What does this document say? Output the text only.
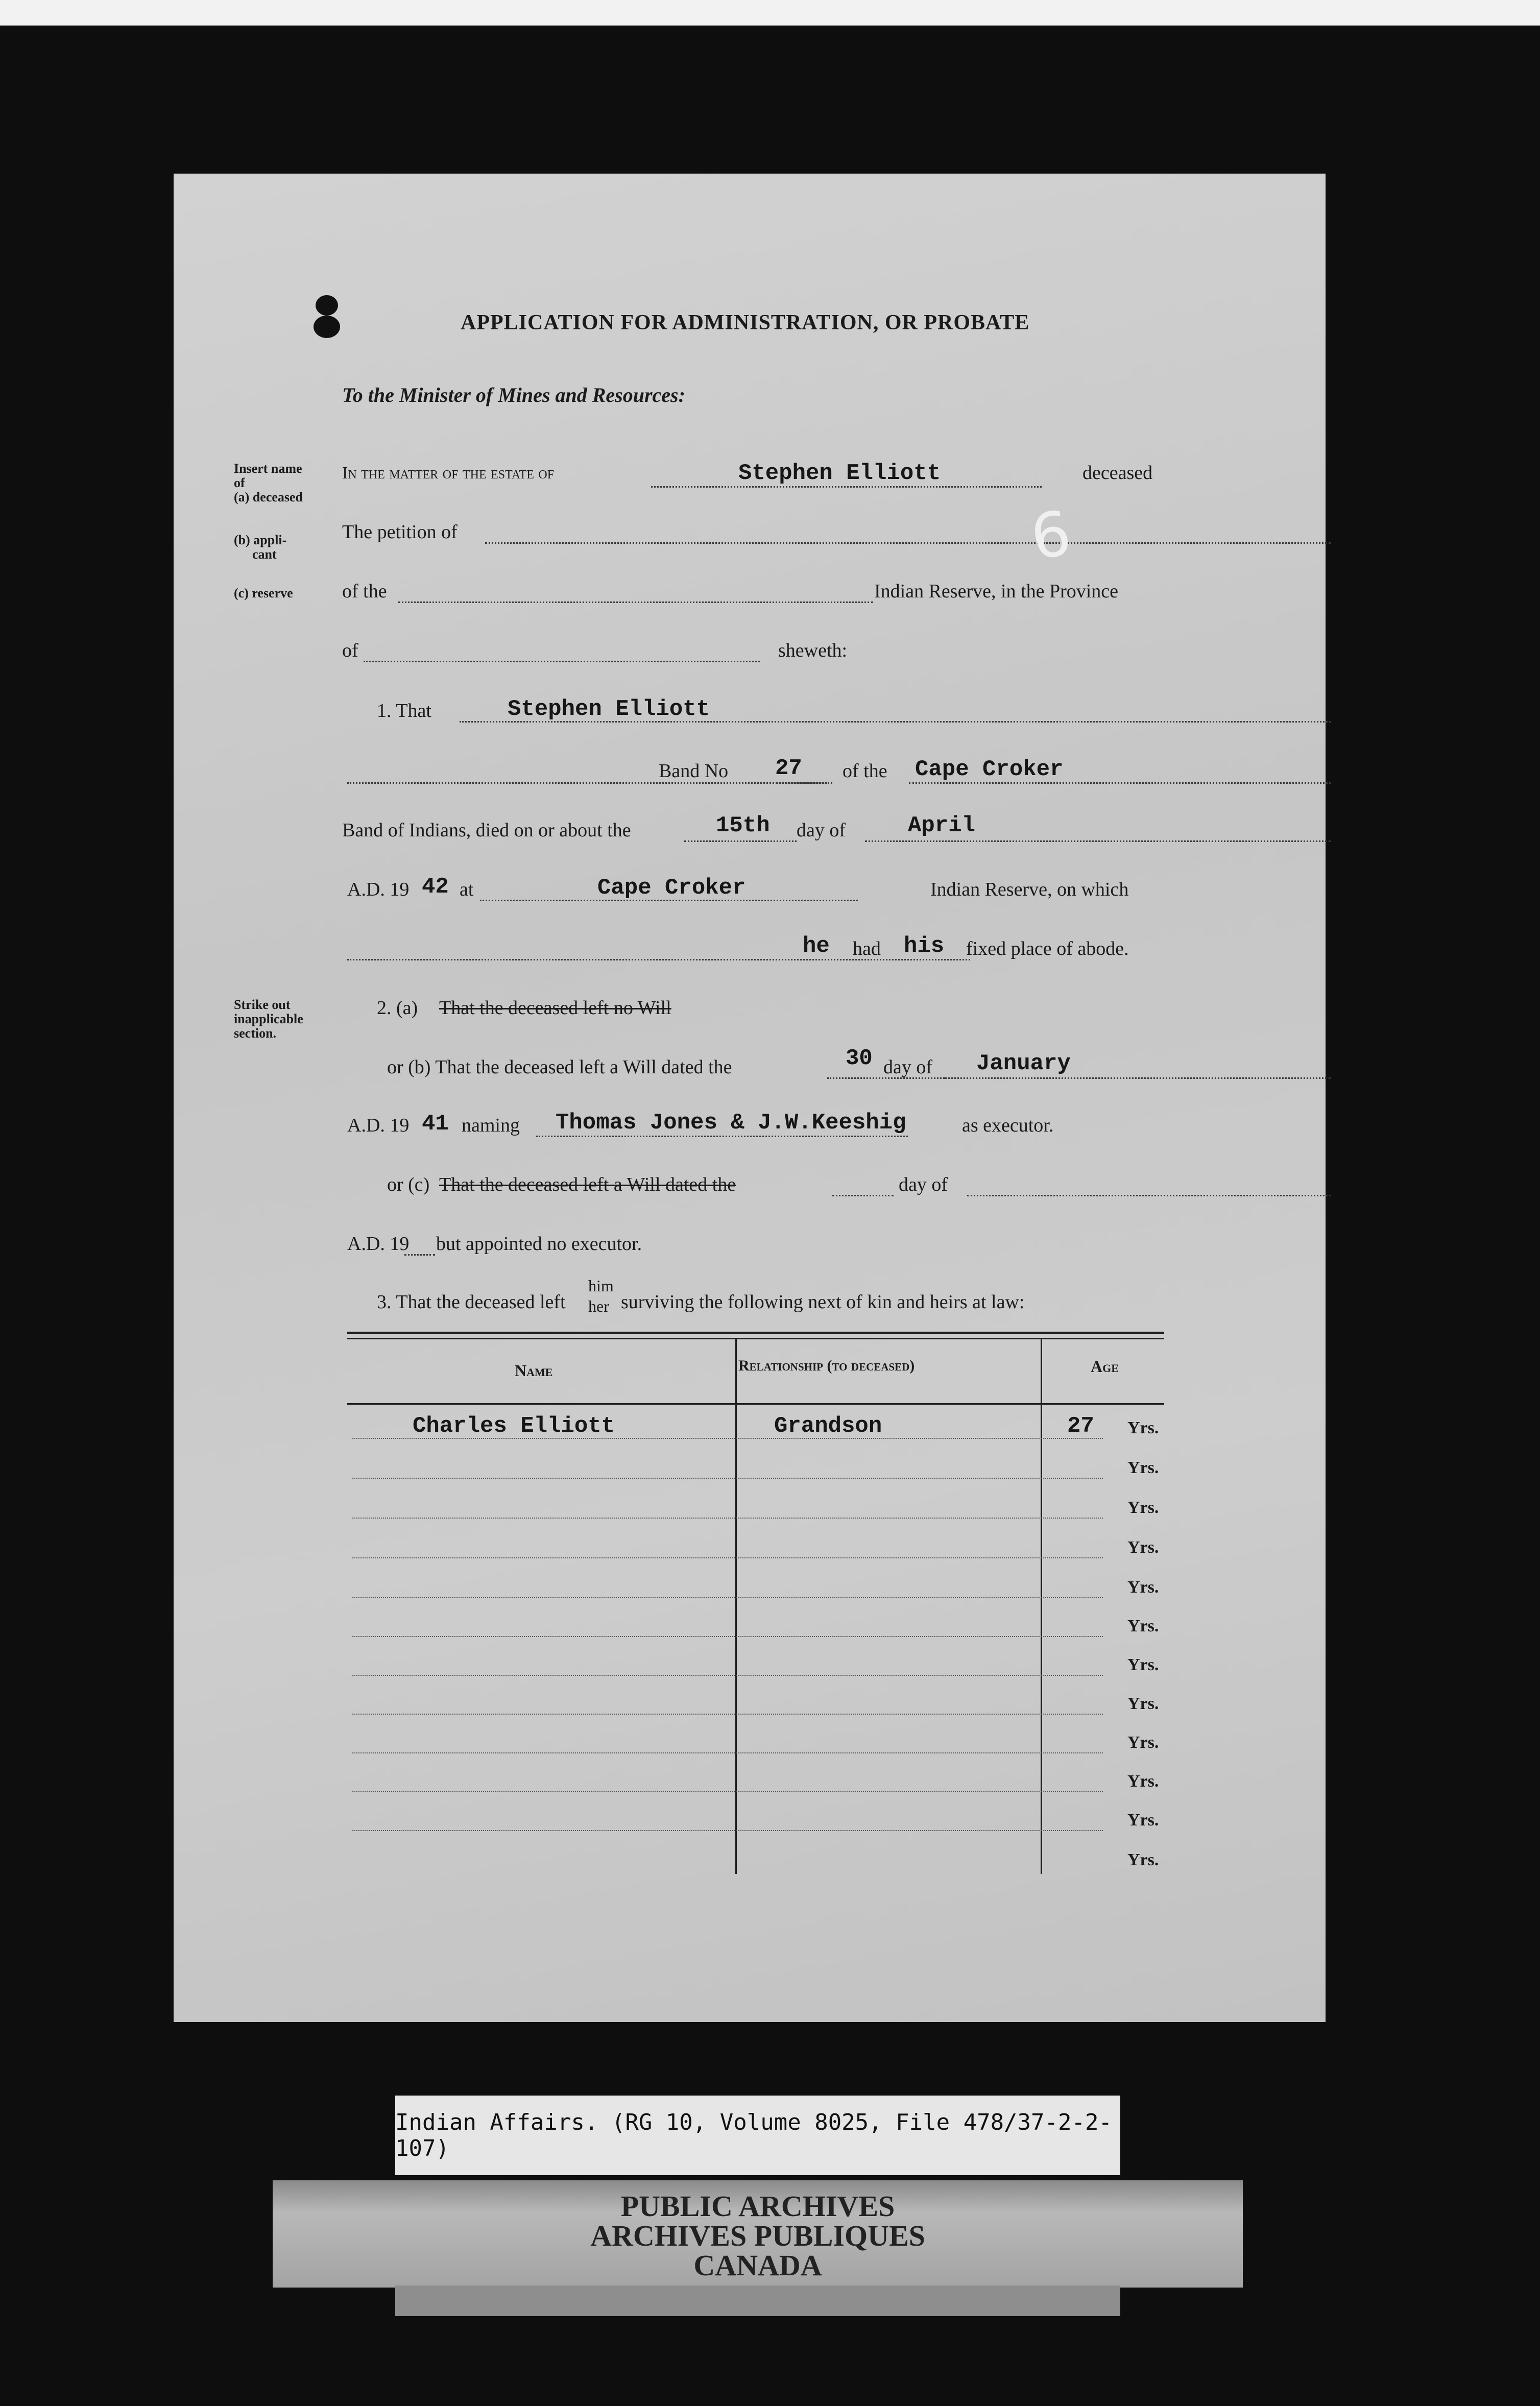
APPLICATION FOR ADMINISTRATION, OR PROBATE
To the Minister of Mines and Resources:
Insert name
of
(a) deceased
(b) appli-
cant
(c) reserve
Strike out
inapplicable
section.
In the matter of the estate of	Stephen Elliott	deceased
The petition of
of the	Indian Reserve, in the Province
of	sheweth:
1. That	Stephen Elliott
Band No 27 of the Cape Croker
Band of Indians, died on or about the	15th day of	April
A.D. 19 42 at	Cape Croker	Indian Reserve, on which
he had his fixed place of abode.
2. (a) That the deceased left no Will
or (b) That the deceased left a Will dated the	30 day of January
A.D. 19 41 naming Thomas Jones & J.W.Keeshig	as executor.
or (c) That the deceased left a Will dated the	day of
A.D. 19 but appointed no executor.
3. That the deceased left
him
her surviving the following next of kin and heirs at law:
Name	Relationship (to deceased)	Age
Charles Elliott	Grandson	27 Yrs.
Yrs.
Yrs.
Yrs.
Yrs.
Yrs.
Yrs.
Yrs.
Yrs.
Yrs.
Yrs.
Yrs.
6
Indian Affairs. (RG 10, Volume 8025, File 478/37-2-2-107)
PUBLIC ARCHIVES
ARCHIVES PUBLIQUES
CANADA
